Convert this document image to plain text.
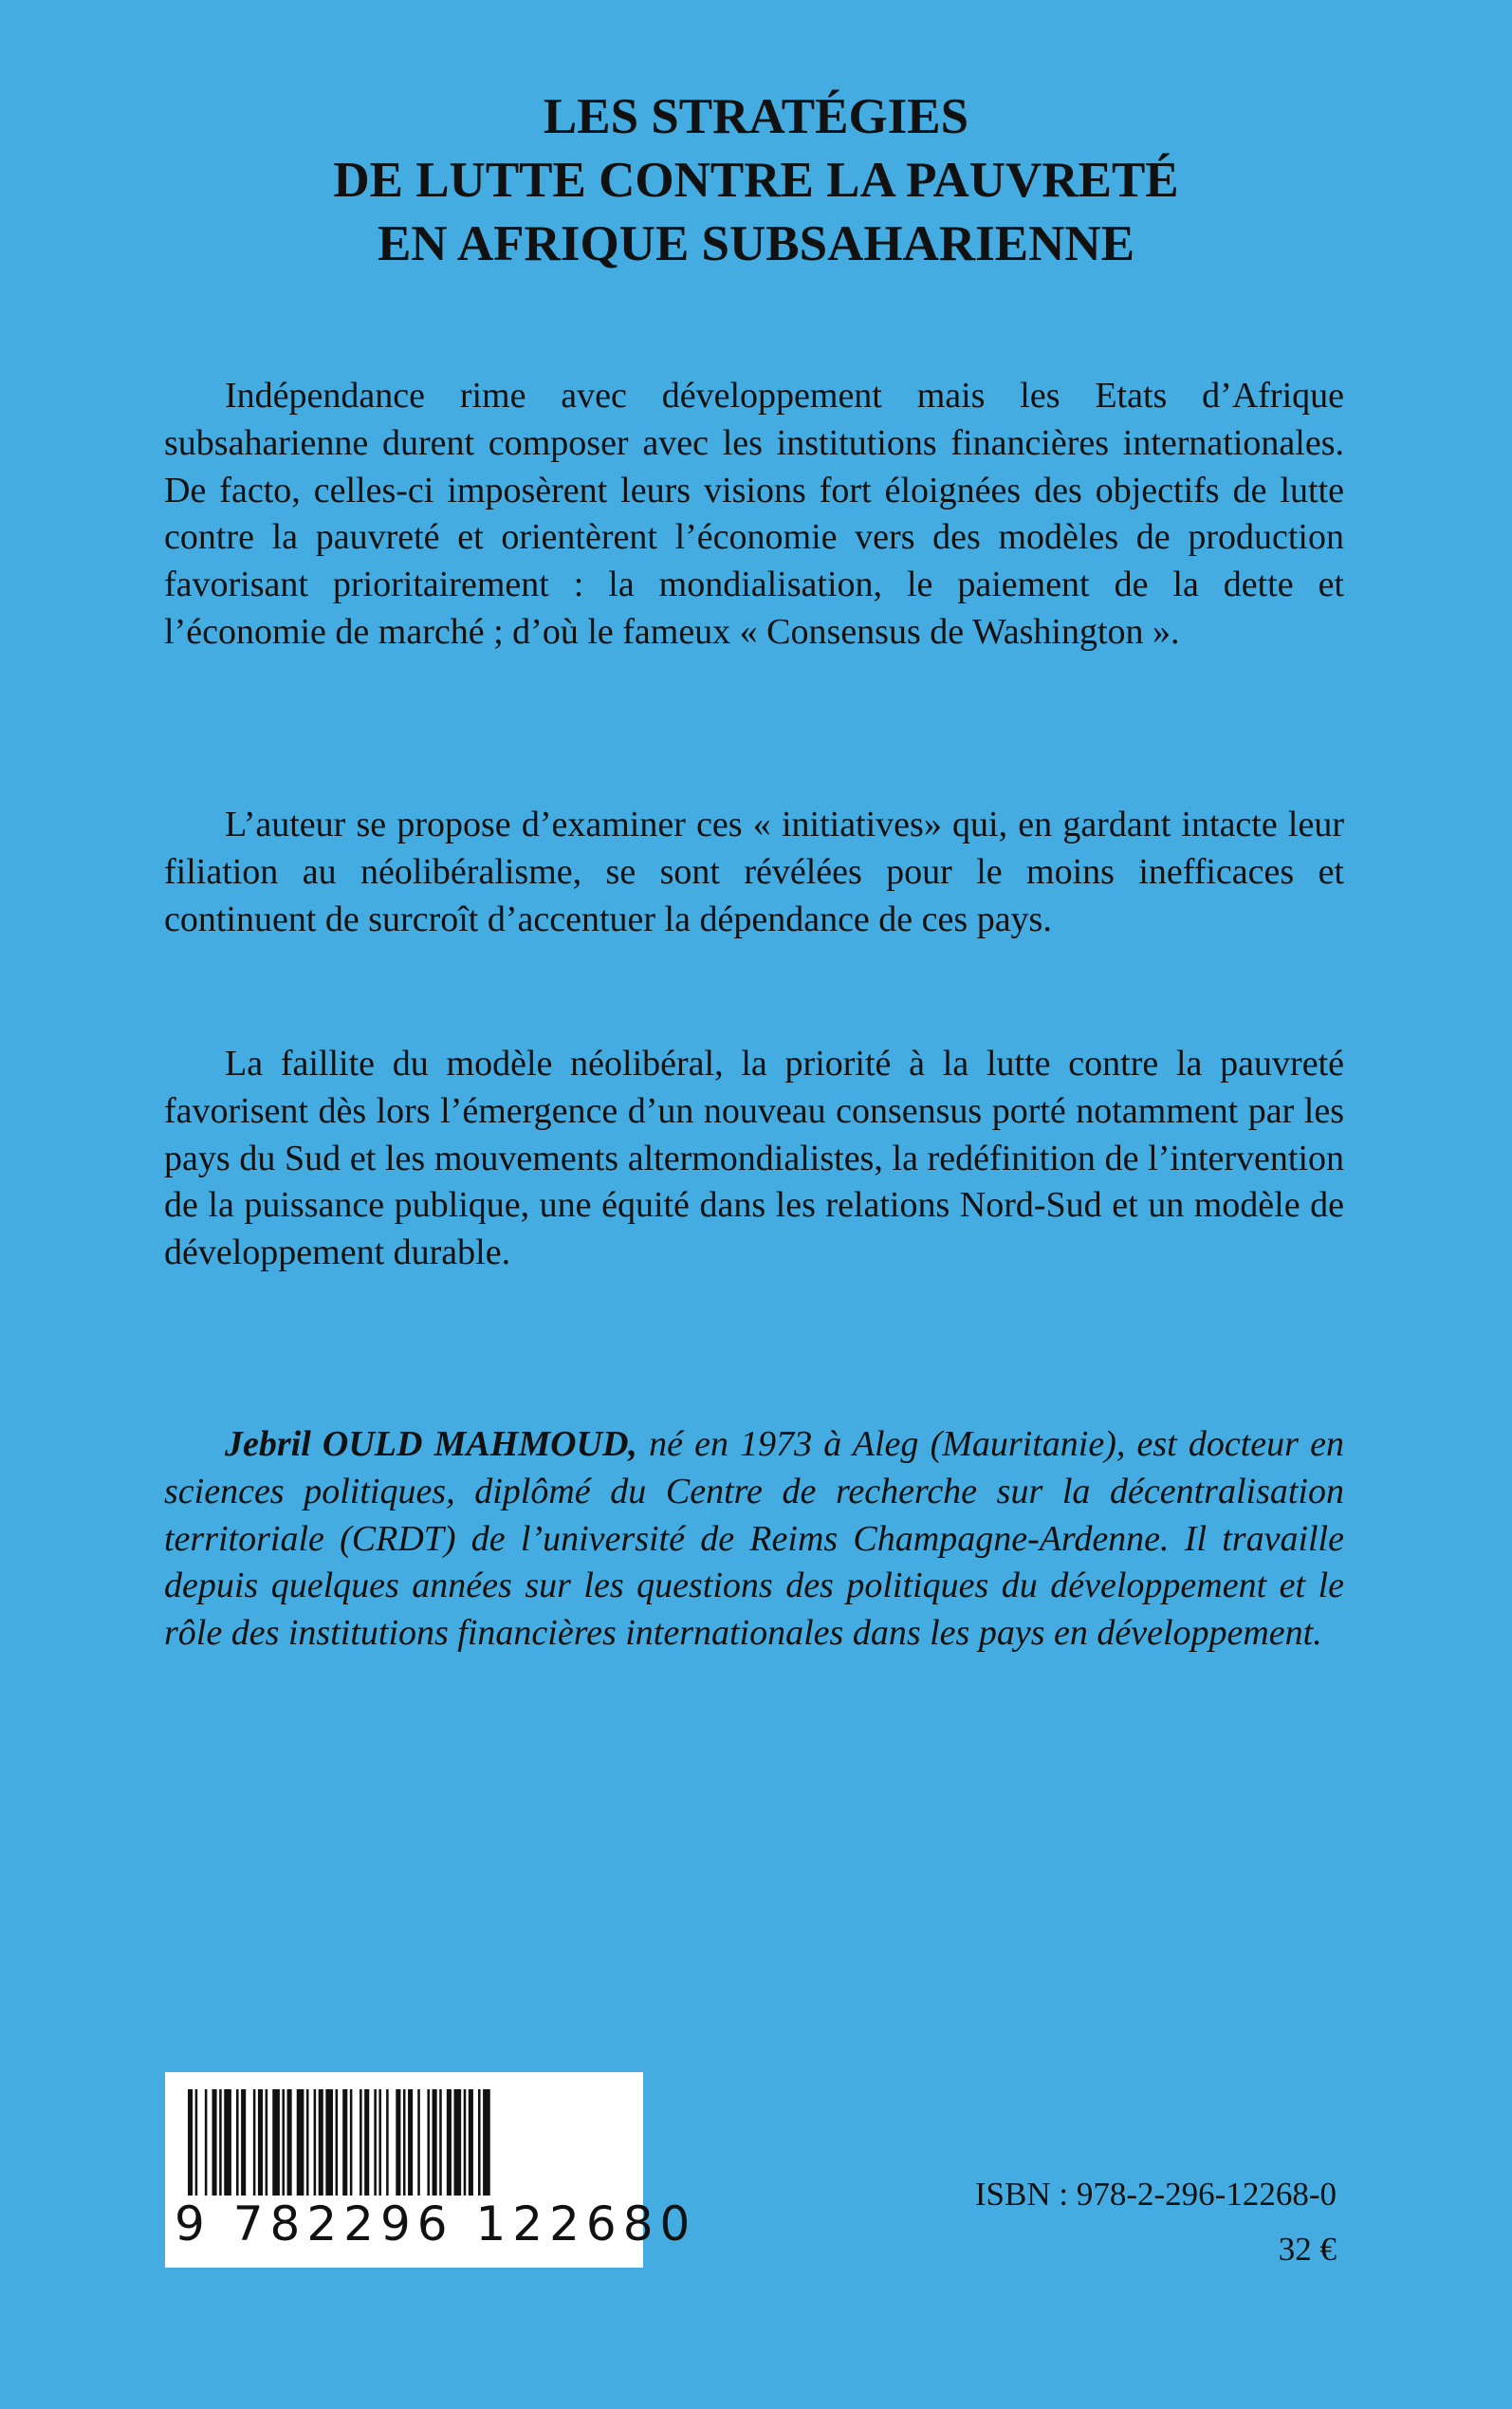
LES STRATÉGIES
DE LUTTE CONTRE LA PAUVRETÉ
EN AFRIQUE SUBSAHARIENNE

Indépendance rime avec développement mais les Etats d’Afrique subsaharienne durent composer avec les institutions financières internationales. De facto, celles-ci imposèrent leurs visions fort éloignées des objectifs de lutte contre la pauvreté et orientèrent l’économie vers des modèles de production favorisant prioritairement : la mondialisation, le paiement de la dette et l’économie de marché ; d’où le fameux « Consensus de Washington ».

L’auteur se propose d’examiner ces « initiatives» qui, en gardant intacte leur filiation au néolibéralisme, se sont révélées pour le moins inefficaces et continuent de surcroît d’accentuer la dépendance de ces pays.

La faillite du modèle néolibéral, la priorité à la lutte contre la pauvreté favorisent dès lors l’émergence d’un nouveau consensus porté notamment par les pays du Sud et les mouvements altermondialistes, la redéfinition de l’intervention de la puissance publique, une équité dans les relations Nord-Sud et un modèle de développement durable.

Jebril OULD MAHMOUD, né en 1973 à Aleg (Mauritanie), est docteur en sciences politiques, diplômé du Centre de recherche sur la décentralisation territoriale (CRDT) de l’université de Reims Champagne-Ardenne. Il travaille depuis quelques années sur les questions des politiques du développement et le rôle des institutions financières internationales dans les pays en développement.

9 782296 122680
ISBN : 978-2-296-12268-0
32 €
